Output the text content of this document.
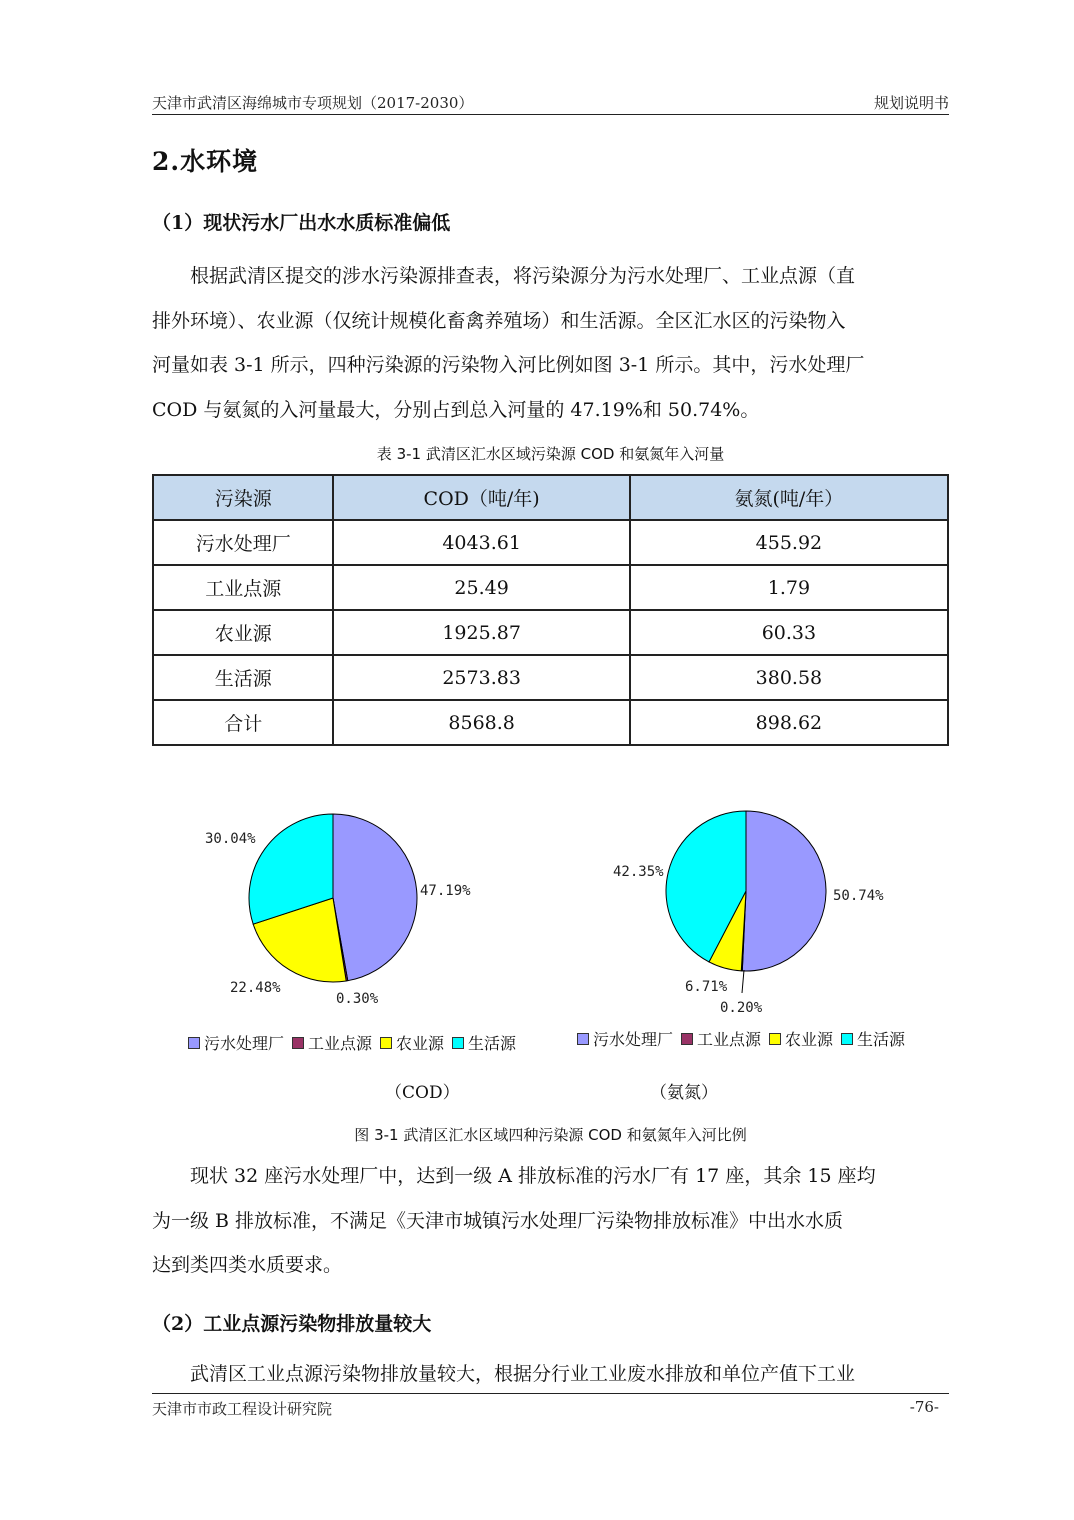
天津市武清区海绵城市专项规划（2017-2030）	规划说明书
2.水环境
（1）现状污水厂出水水质标准偏低
根据武清区提交的涉水污染源排查表，将污染源分为污水处理厂、工业点源（直
排外环境）、农业源（仅统计规模化畜禽养殖场）和生活源。全区汇水区的污染物入
河量如表 3-1 所示，四种污染源的污染物入河比例如图 3-1 所示。其中，污水处理厂
COD 与氨氮的入河量最大，分别占到总入河量的 47.19%和 50.74%。
表 3-1 武清区汇水区域污染源 COD 和氨氮年入河量
污染源	COD（吨/年)	氨氮(吨/年）
污水处理厂	4043.61	455.92
工业点源	25.49	1.79
农业源	1925.87	60.33
生活源	2573.83	380.58
合计	8568.8	898.62
47.19%
0.30%
22.48%
30.04%
50.74%
0.20%
6.71%
42.35%
污水处理厂 工业点源 农业源 生活源	污水处理厂 工业点源 农业源 生活源
（COD）	（氨氮）
图 3-1 武清区汇水区域四种污染源 COD 和氨氮年入河比例
现状 32 座污水处理厂中，达到一级 A 排放标准的污水厂有 17 座，其余 15 座均
为一级 B 排放标准，不满足《天津市城镇污水处理厂污染物排放标准》中出水水质
达到类四类水质要求。
（2）工业点源污染物排放量较大
武清区工业点源污染物排放量较大，根据分行业工业废水排放和单位产值下工业
天津市市政工程设计研究院	-76-
